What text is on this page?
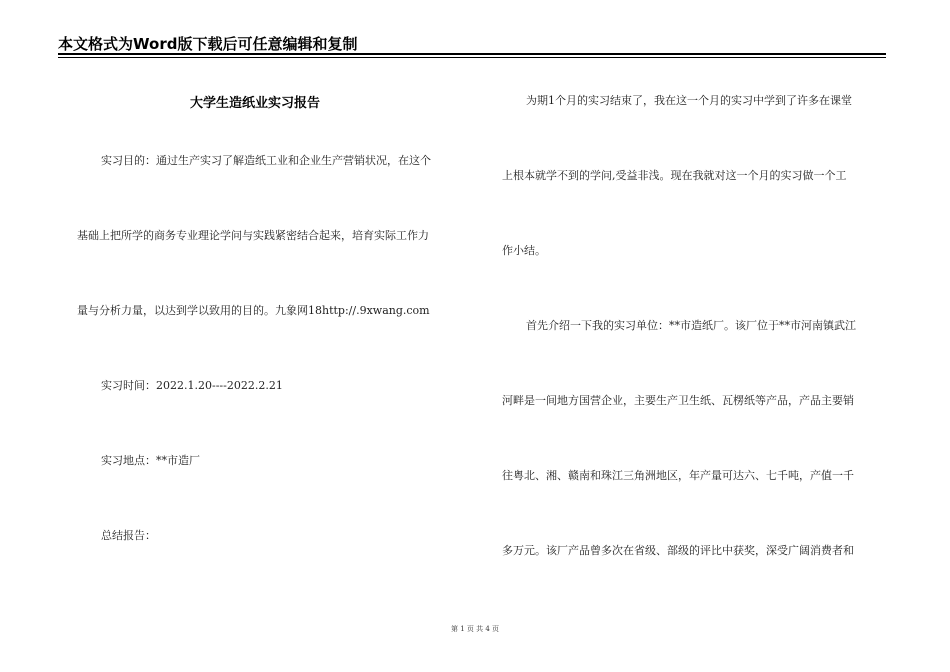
本文格式为Word版下载后可任意编辑和复制
大学生造纸业实习报告
实习目的：通过生产实习了解造纸工业和企业生产营销状况，在这个
基础上把所学的商务专业理论学问与实践紧密结合起来，培育实际工作力
量与分析力量，以达到学以致用的目的。九象网18http://.9xwang.com
实习时间：2022.1.20----2022.2.21
实习地点：**市造厂
总结报告：
为期1个月的实习结束了，我在这一个月的实习中学到了许多在课堂
上根本就学不到的学问,受益非浅。现在我就对这一个月的实习做一个工
作小结。
首先介绍一下我的实习单位：**市造纸厂。该厂位于**市河南镇武江
河畔是一间地方国营企业，主要生产卫生纸、瓦楞纸等产品，产品主要销
往粤北、湘、赣南和珠江三角洲地区，年产量可达六、七千吨，产值一千
多万元。该厂产品曾多次在省级、部级的评比中获奖，深受广阔消费者和
第 1 页 共 4 页
